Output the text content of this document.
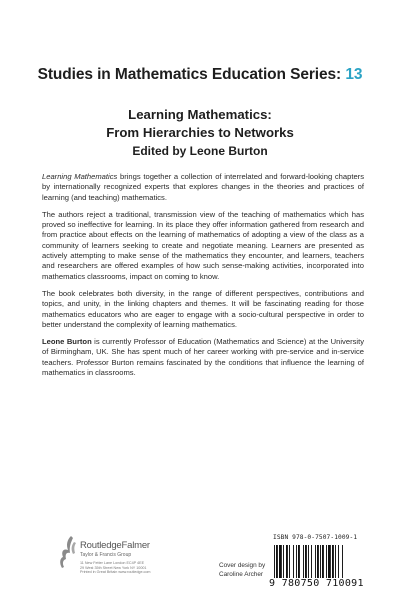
Studies in Mathematics Education Series: 13
Learning Mathematics:
From Hierarchies to Networks
Edited by Leone Burton

Learning Mathematics brings together a collection of interrelated and forward-looking chapters by internationally recognized experts that explores changes in the theories and practices of learning (and teaching) mathematics.

The authors reject a traditional, transmission view of the teaching of mathematics which has proved so ineffective for learning. In its place they offer information gathered from research and from practice about effects on the learning of mathematics of adopting a view of the class as a community of learners seeking to create and negotiate meaning. Learners are presented as actively attempting to make sense of the mathematics they encounter, and learners, teachers and researchers are offered examples of how such sense-making activities, incorporated into mathematics classrooms, impact on coming to know.

The book celebrates both diversity, in the range of different perspectives, contributions and topics, and unity, in the linking chapters and themes. It will be fascinating reading for those mathematics educators who are eager to engage with a socio-cultural perspective in order to better understand the complexity of learning mathematics.

Leone Burton is currently Professor of Education (Mathematics and Science) at the University of Birmingham, UK. She has spent much of her career working with pre-service and in-service teachers. Professor Burton remains fascinated by the conditions that influence the learning of mathematics in classrooms.

RoutledgeFalmer
Taylor & Francis Group
11 New Fetter Lane London EC4P 4EE
29 West 35th Street New York NY 10001
Printed in Great Britain www.routledge.com
Cover design by
Caroline Archer
ISBN 978-0-7507-1009-1
9 780750 710091
